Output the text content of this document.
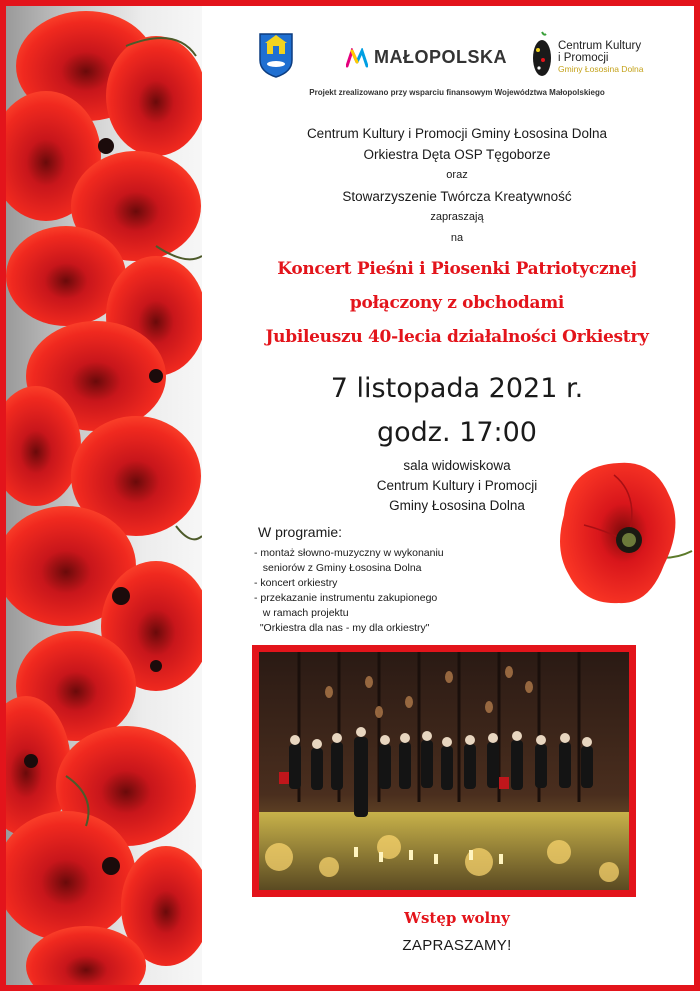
MAŁOPOLSKA
Centrum Kultury
i Promocji
Gminy Łososina Dolna
Projekt zrealizowano przy wsparciu finansowym Województwa Małopolskiego
Centrum Kultury i Promocji Gminy Łososina Dolna
Orkiestra Dęta OSP Tęgoborze
oraz
Stowarzyszenie Twórcza Kreatywność
zapraszają
na
Koncert Pieśni i Piosenki Patriotycznej
połączony z obchodami
Jubileuszu 40-lecia działalności Orkiestry
7 listopada 2021 r.
godz. 17:00
sala widowiskowa
Centrum Kultury i Promocji
Gminy Łososina Dolna
W programie:
- montaż słowno-muzyczny w wykonaniu
seniorów z Gminy Łososina Dolna
- koncert orkiestry
- przekazanie instrumentu zakupionego
w ramach projektu
"Orkiestra dla nas - my dla orkiestry"
Wstęp wolny
ZAPRASZAMY!
